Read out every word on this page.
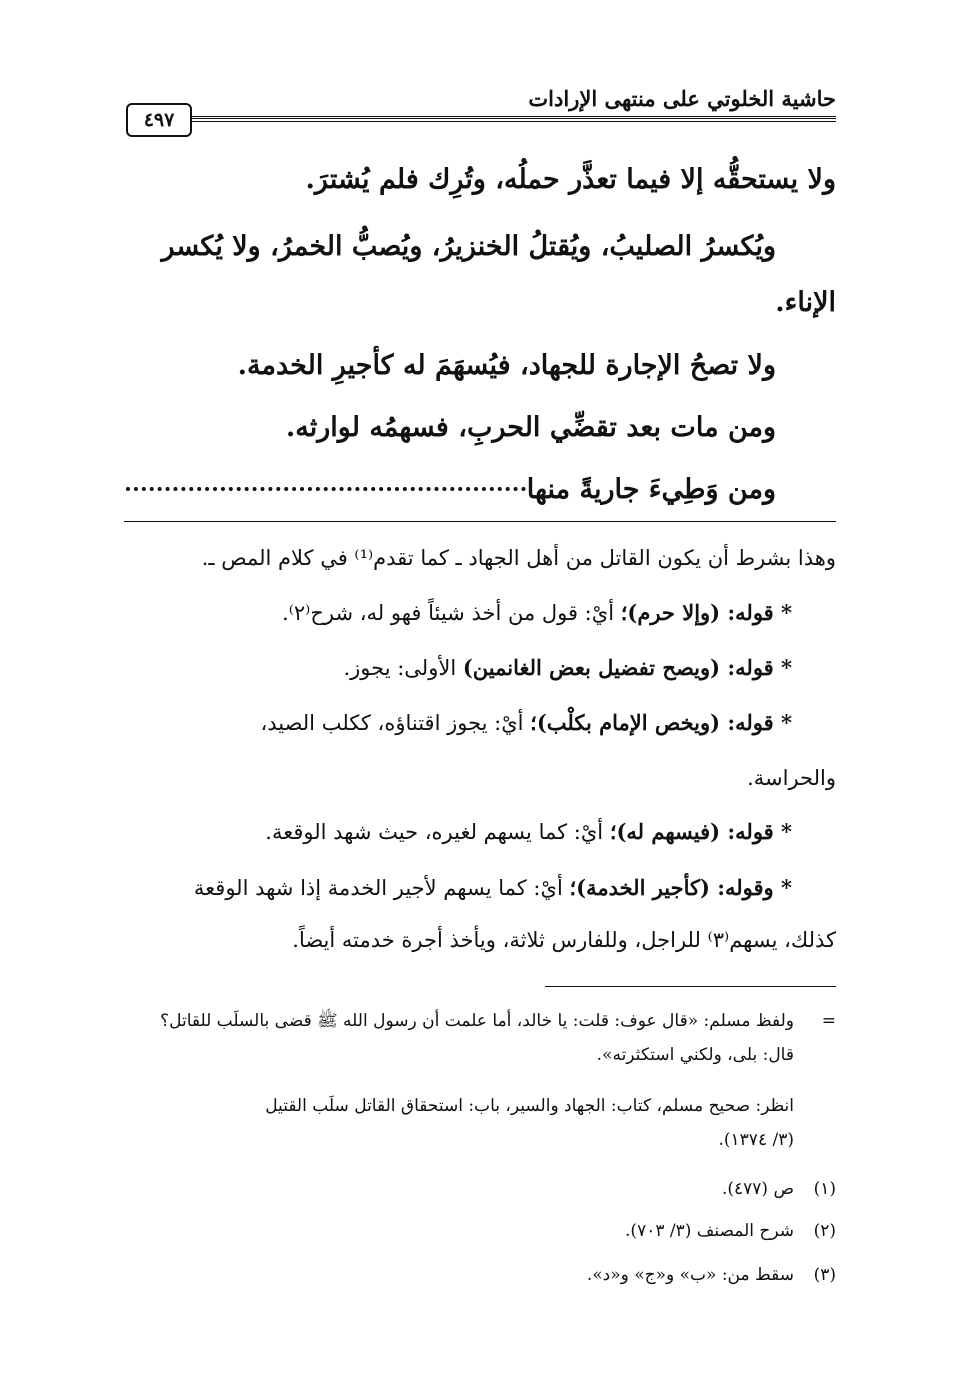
حاشية الخلوتي على منتهى الإرادات
٤٩٧
ولا يستحقُّه إلا فيما تعذَّر حملُه، وتُرِك فلم يُشترَ.
ويُكسرُ الصليبُ، ويُقتلُ الخنزيرُ، ويُصبُّ الخمرُ، ولا يُكسر
الإناء.
ولا تصحُ الإجارة للجهاد، فيُسهَمَ له كأجيرِ الخدمة.
ومن مات بعد تقضِّي الحربِ، فسهمُه لوارثه.
ومن وَطِيءَ جاريةً منها
وهذا بشرط أن يكون القاتل من أهل الجهاد ـ كما تقدم⁽¹⁾ في كلام المص ـ.
* قوله: (وإلا حرم)؛ أيْ: قول من أخذ شيئاً فهو له، شرح⁽٢⁾.
* قوله: (ويصح تفضيل بعض الغانمين) الأولى: يجوز.
* قوله: (ويخص الإمام بكلْب)؛ أيْ: يجوز اقتناؤه، ككلب الصيد،
والحراسة.
* قوله: (فيسهم له)؛ أيْ: كما يسهم لغيره، حيث شهد الوقعة.
* وقوله: (كأجير الخدمة)؛ أيْ: كما يسهم لأجير الخدمة إذا شهد الوقعة
كذلك، يسهم⁽٣⁾ للراجل، وللفارس ثلاثة، ويأخذ أجرة خدمته أيضاً.
=ولفظ مسلم: «قال عوف: قلت: يا خالد، أما علمت أن رسول الله ﷺ قضى بالسلَب للقاتل؟
قال: بلى، ولكني استكثرته».
انظر: صحيح مسلم، كتاب: الجهاد والسير، باب: استحقاق القاتل سلَب القتيل
(٣/ ١٣٧٤).
(١)ص (٤٧٧).
(٢)شرح المصنف (٣/ ٧٠٣).
(٣)سقط من: «ب» و«ج» و«د».
